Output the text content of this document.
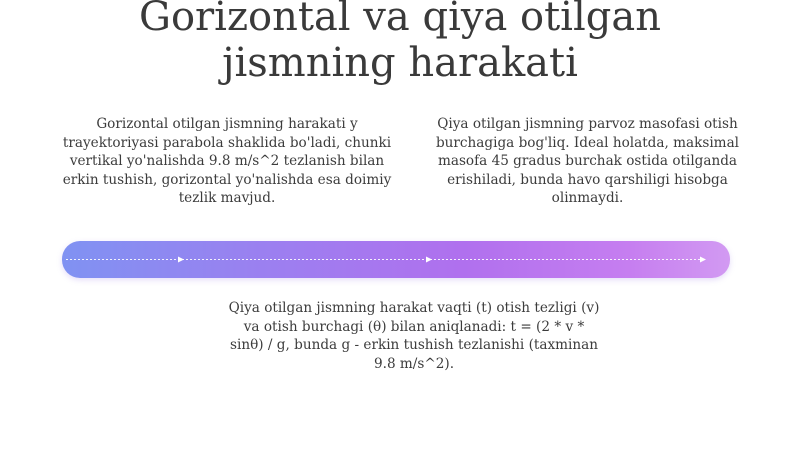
Gorizontal va qiya otilgan
jismning harakati

Gorizontal otilgan jismning harakati y trayektoriyasi parabola shaklida bo'ladi, chunki vertikal yo'nalishda 9.8 m/s^2 tezlanish bilan erkin tushish, gorizontal yo'nalishda esa doimiy tezlik mavjud.

Qiya otilgan jismning parvoz masofasi otish burchagiga bog'liq. Ideal holatda, maksimal masofa 45 gradus burchak ostida otilganda erishiladi, bunda havo qarshiligi hisobga olinmaydi.

Qiya otilgan jismning harakat vaqti (t) otish tezligi (v) va otish burchagi (θ) bilan aniqlanadi: t = (2 * v * sinθ) / g, bunda g - erkin tushish tezlanishi (taxminan 9.8 m/s^2).
